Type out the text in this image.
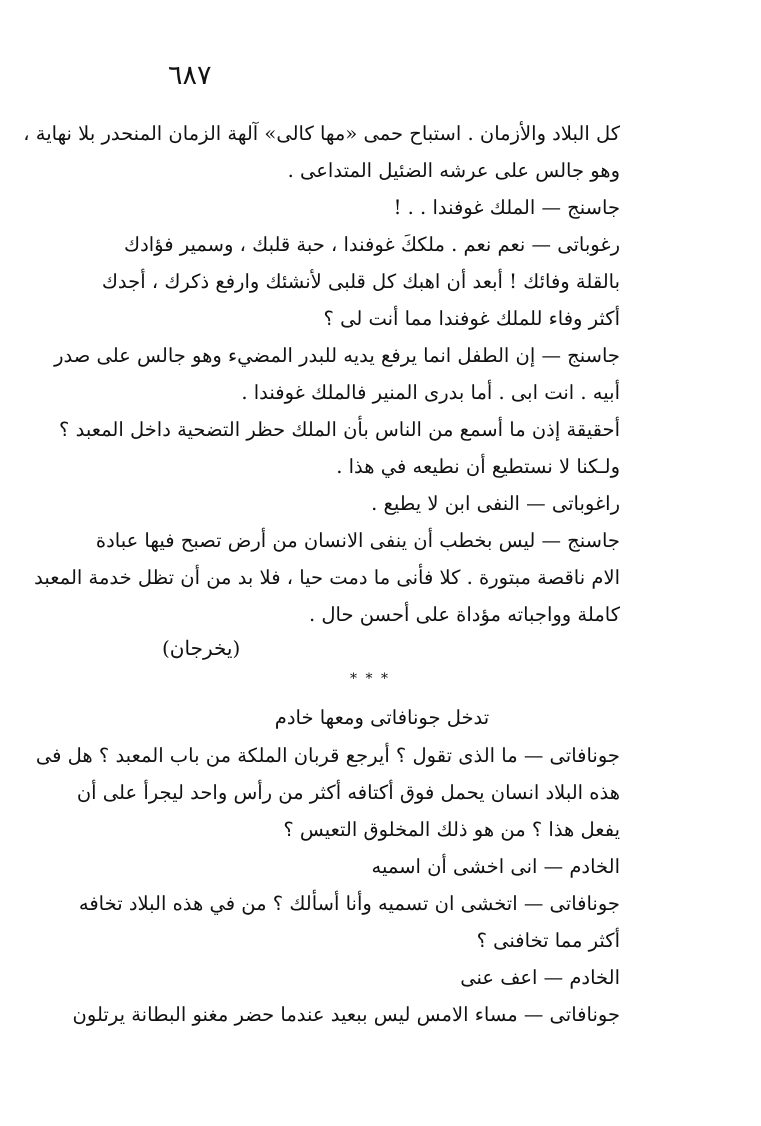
٦٨٧
كل البلاد والأزمان . استباح حمى «مها كالى» آلهة الزمان المنحدر بلا نهاية ،
وهو جالس على عرشه الضئيل المتداعى .
جاسنج — الملك غوفندا . . !
رغوباتى — نعم نعم . ملككَ غوفندا ، حبة قلبك ، وسمير فؤادك
بالقلة وفائك ! أبعد أن اهبك كل قلبى لأنشئك وارفع ذكرك ، أجدك
أكثر وفاء للملك غوفندا مما أنت لى ؟
جاسنج — إن الطفل انما يرفع يديه للبدر المضيء وهو جالس على صدر
أبيه . انت ابى . أما بدرى المنير فالملك غوفندا .
أحقيقة إذن ما أسمع من الناس بأن الملك حظر التضحية داخل المعبد ؟
ولـكنا لا نستطيع أن نطيعه في هذا .
راغوباتى — النفى ابن لا يطيع .
جاسنج — ليس بخطب أن ينفى الانسان من أرض تصبح فيها عبادة
الام ناقصة مبتورة . كلا فأنى ما دمت حيا ، فلا بد من أن تظل خدمة المعبد
كاملة وواجباته مؤداة على أحسن حال .
(يخرجان)
* * *
تدخل جونافاتى ومعها خادم
جونافاتى — ما الذى تقول ؟ أيرجع قربان الملكة من باب المعبد ؟ هل فى
هذه البلاد انسان يحمل فوق أكتافه أكثر من رأس واحد ليجرأ على أن
يفعل هذا ؟ من هو ذلك المخلوق التعيس ؟
الخادم — انى اخشى أن اسميه
جونافاتى — اتخشى ان تسميه وأنا أسألك ؟ من في هذه البلاد تخافه
أكثر مما تخافنى ؟
الخادم — اعف عنى
جونافاتى — مساء الامس ليس ببعيد عندما حضر مغنو البطانة يرتلون
